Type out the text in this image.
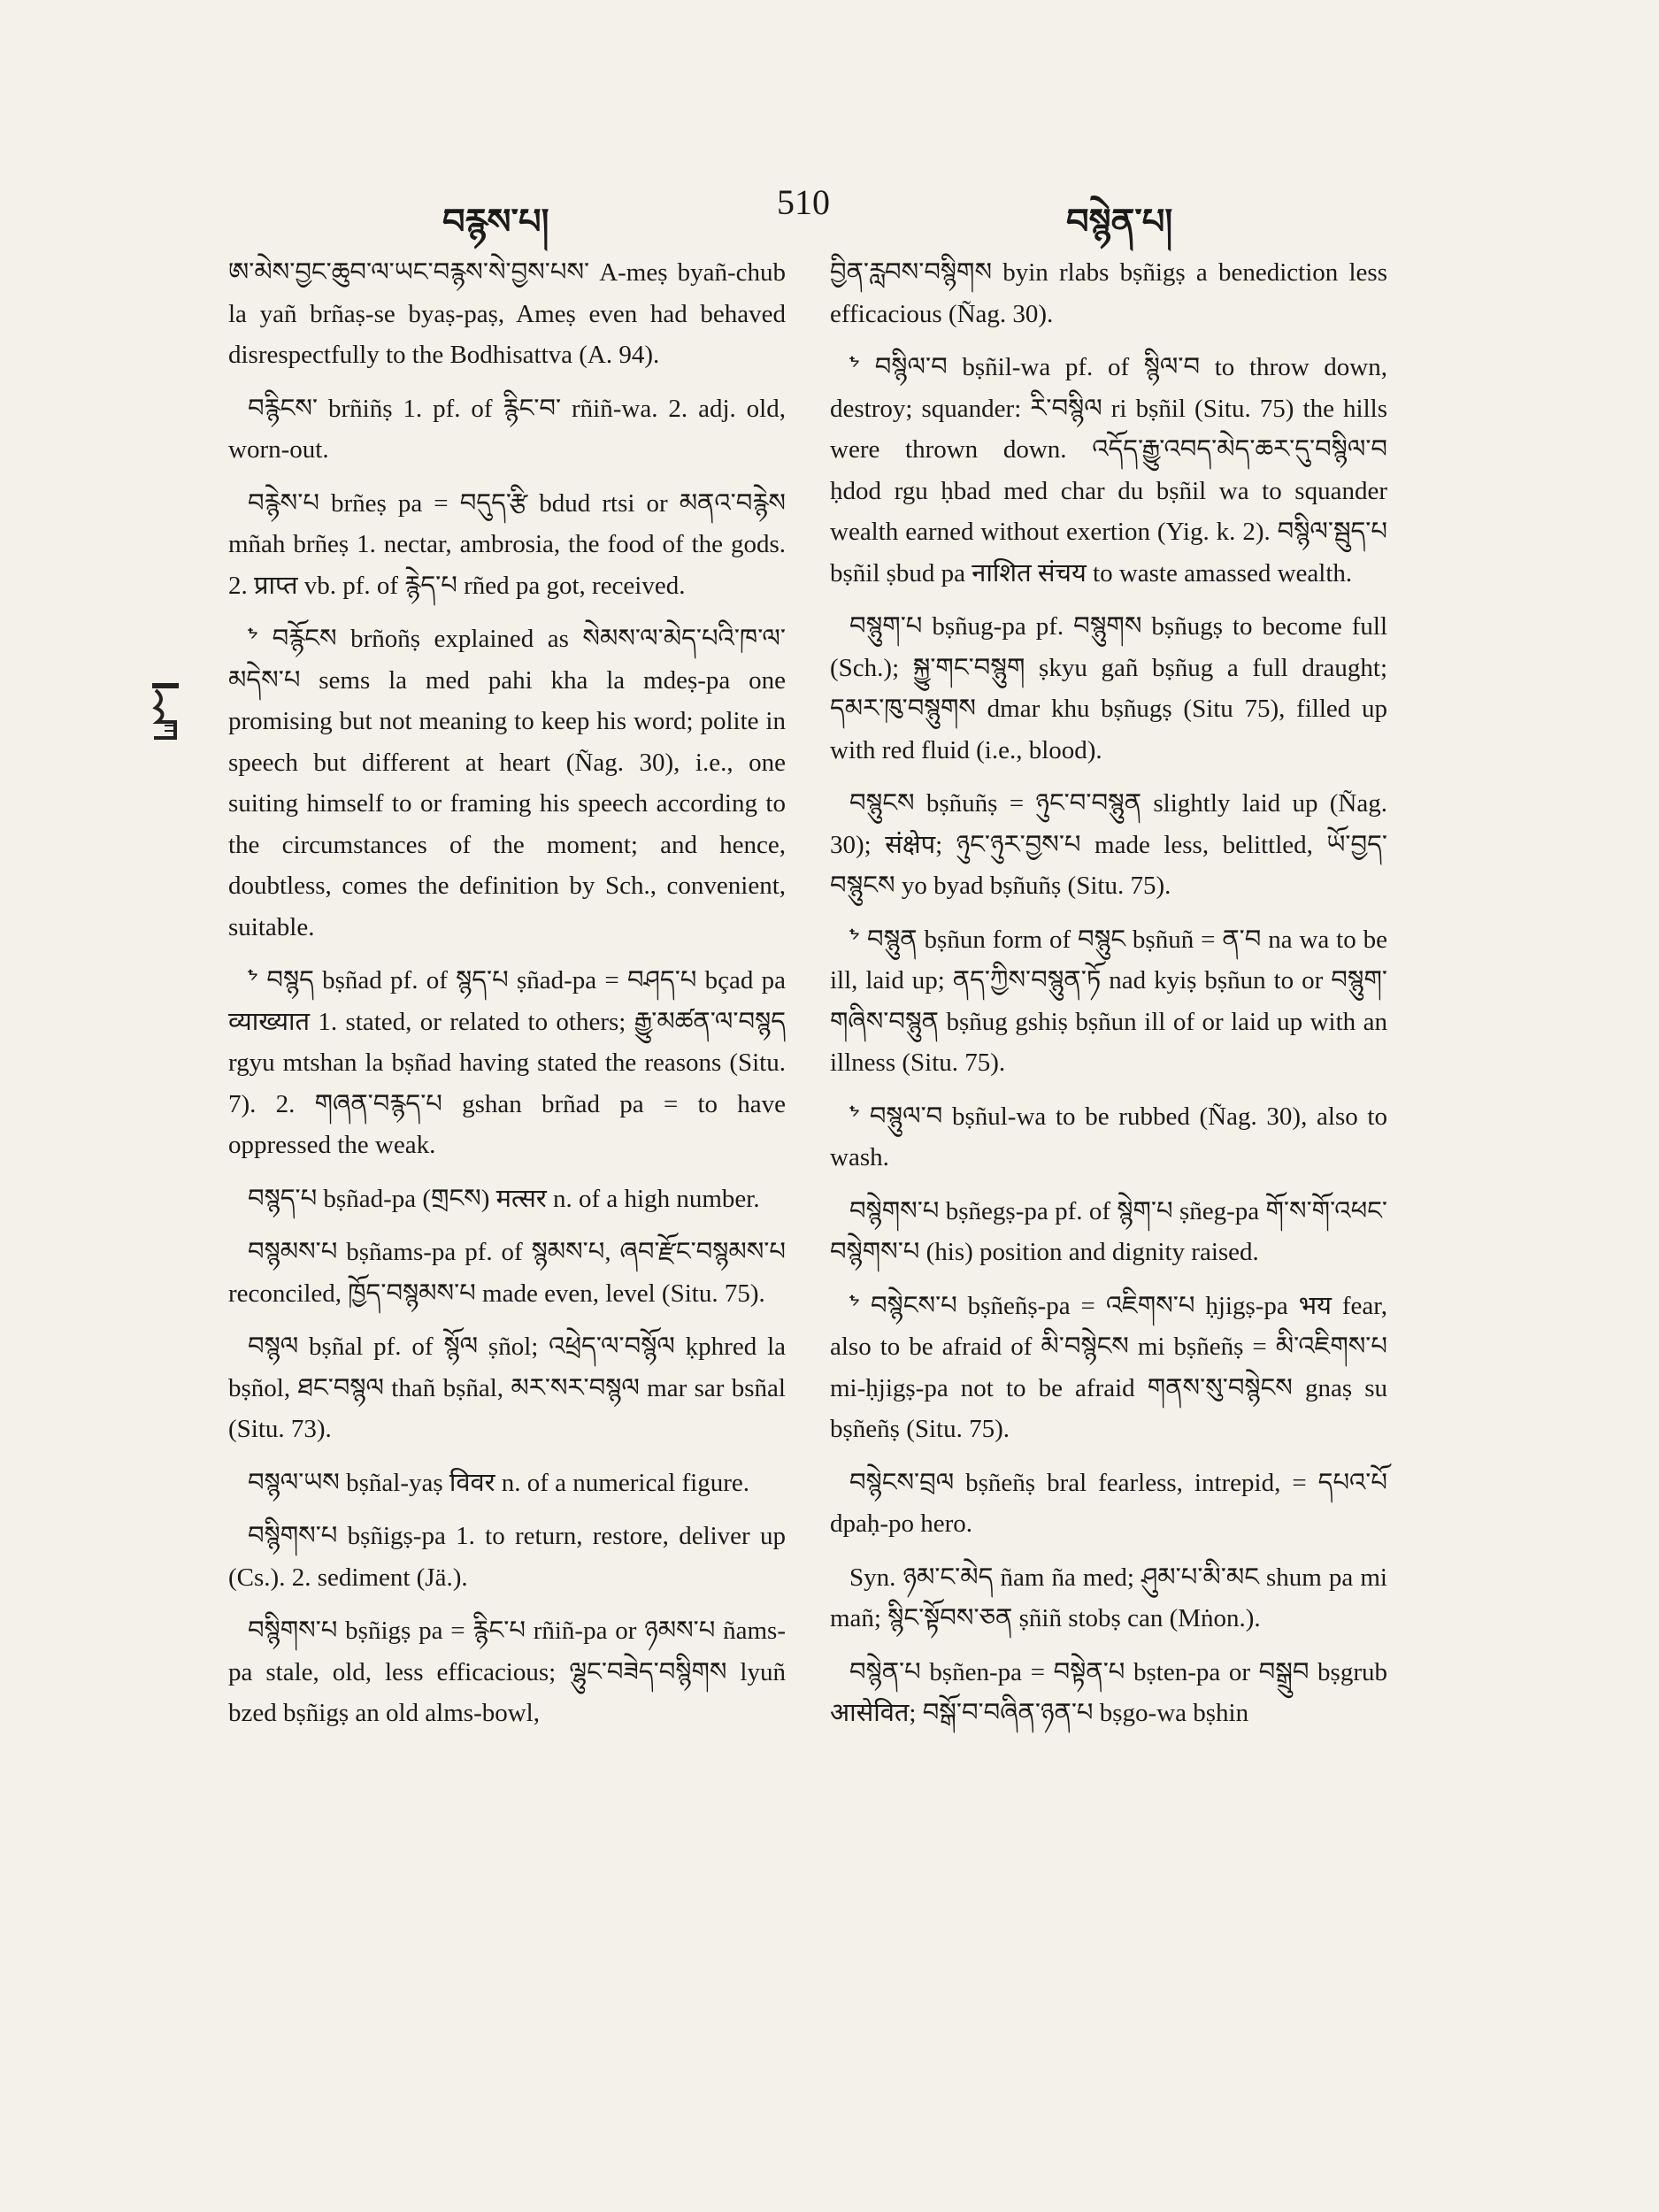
བརྙས་པ།	510	བསྙེན་པ།

ཨ་མེས་བྱང་ཆུབ་ལ་ཡང་བརྙས་སེ་བྱས་པས་ A-meṣ byañ-chub la yañ brñaṣ-se byaṣ-paṣ, Ameṣ even had behaved disrespectfully to the Bodhisattva (A. 94).

བརྙིངས་ brñiñṣ 1. pf. of རྙིང་བ་ rñiñ-wa. 2. adj. old, worn-out.

བརྙེས་པ brñeṣ pa = བདུད་རྩི bdud rtsi or མནའ་བརྙེས mñah brñeṣ 1. nectar, ambrosia, the food of the gods. 2. प्राप्त vb. pf. of རྙེད་པ rñed pa got, received.

ᖮ བརྙོངས brñoñṣ explained as སེམས་ལ་མེད་པའི་ཁ་ལ་མདེས་པ sems la med pahi kha la mdeṣ-pa one promising but not meaning to keep his word; polite in speech but different at heart (Ñag. 30), i.e., one suiting himself to or framing his speech according to the circumstances of the moment; and hence, doubtless, comes the definition by Sch., convenient, suitable.

ᖮ བསྙད bṣñad pf. of སྙད་པ ṣñad-pa = བཤད་པ bçad pa व्याख्यात 1. stated, or related to others; རྒྱུ་མཚན་ལ་བསྙད rgyu mtshan la bṣñad having stated the reasons (Situ. 7). 2. གཞན་བརྙད་པ gshan brñad pa = to have oppressed the weak.

བསྙད་པ bṣñad-pa (གྲངས) मत्सर n. of a high number.

བསྙམས་པ bṣñams-pa pf. of སྙམས་པ, ཞབ་རྫོང་བསྙམས་པ reconciled, ཁྱོད་བསྙམས་པ made even, level (Situ. 75).

བསྙལ bṣñal pf. of སྙོལ ṣñol; འཕྲེད་ལ་བསྙོལ ḳphred la bṣñol, ཐང་བསྙལ thañ bṣñal, མར་སར་བསྙལ mar sar bsñal (Situ. 73).

བསྙལ་ཡས bṣñal-yaṣ विवर n. of a numerical figure.

བསྙིགས་པ bṣñigṣ-pa 1. to return, restore, deliver up (Cs.). 2. sediment (Jä.).

བསྙིགས་པ bṣñigṣ pa = རྙིང་པ rñiñ-pa or ཉམས་པ ñams-pa stale, old, less efficacious; ལྷུང་བཟེད་བསྙིགས lyuñ bzed bṣñigṣ an old alms-bowl,

བྱིན་རླབས་བསྙིགས byin rlabs bṣñigṣ a benediction less efficacious (Ñag. 30).

ᖮ བསྙིལ་བ bṣñil-wa pf. of སྙིལ་བ to throw down, destroy; squander: རི་བསྙིལ ri bṣñil (Situ. 75) the hills were thrown down. འདོད་རྒྱུ་འབད་མེད་ཆར་དུ་བསྙིལ་བ ḥdod rgu ḥbad med char du bṣñil wa to squander wealth earned without exertion (Yig. k. 2). བསྙིལ་སྦུད་པ bṣñil ṣbud pa नाशित संचय to waste amassed wealth.

བསྙུག་པ bṣñug-pa pf. བསྙུགས bṣñugṣ to become full (Sch.); སྐྱུ་གང་བསྙུག ṣkyu gañ bṣñug a full draught; དམར་ཁུ་བསྙུགས dmar khu bṣñugṣ (Situ 75), filled up with red fluid (i.e., blood).

བསྙུངས bṣñuñṣ = ཉུང་བ་བསྙུན slightly laid up (Ñag. 30); संक्षेप; ཉུང་ཉུར་བྱས་པ made less, belittled, ཡོ་བྱད་བསྙུངས yo byad bṣñuñṣ (Situ. 75).

ᖮ བསྙུན bṣñun form of བསྙུང bṣñuñ = ན་བ na wa to be ill, laid up; ནད་ཀྱིས་བསྙུན་ཏོ nad kyiṣ bṣñun to or བསྙུག་གཞིས་བསྙུན bṣñug gshiṣ bṣñun ill of or laid up with an illness (Situ. 75).

ᖮ བསྙུལ་བ bṣñul-wa to be rubbed (Ñag. 30), also to wash.

བསྙེགས་པ bṣñegṣ-pa pf. of སྙེག་པ ṣñeg-pa གོ་ས་གོ་འཕང་བསྙེགས་པ (his) position and dignity raised.

ᖮ བསྙེངས་པ bṣñeñṣ-pa = འཇིགས་པ ḥjigṣ-pa भय fear, also to be afraid of མི་བསྙེངས mi bṣñeñṣ = མི་འཇིགས་པ mi-ḥjigṣ-pa not to be afraid གནས་སུ་བསྙེངས gnaṣ su bṣñeñṣ (Situ. 75).

བསྙེངས་བྲལ bṣñeñṣ bral fearless, intrepid, = དཔའ་པོ dpaḥ-po hero.

Syn. ཉམ་ང་མེད ñam ña med; ཤུམ་པ་མི་མང shum pa mi mañ; སྙིང་སྟོབས་ཅན ṣñiñ stobṣ can (Mṅon.).

བསྙེན་པ bṣñen-pa = བསྟེན་པ bṣten-pa or བསྒྲུབ bṣgrub आसेवित; བསྒོ་བ་བཞིན་ཉན་པ bṣgo-wa bṣhin
